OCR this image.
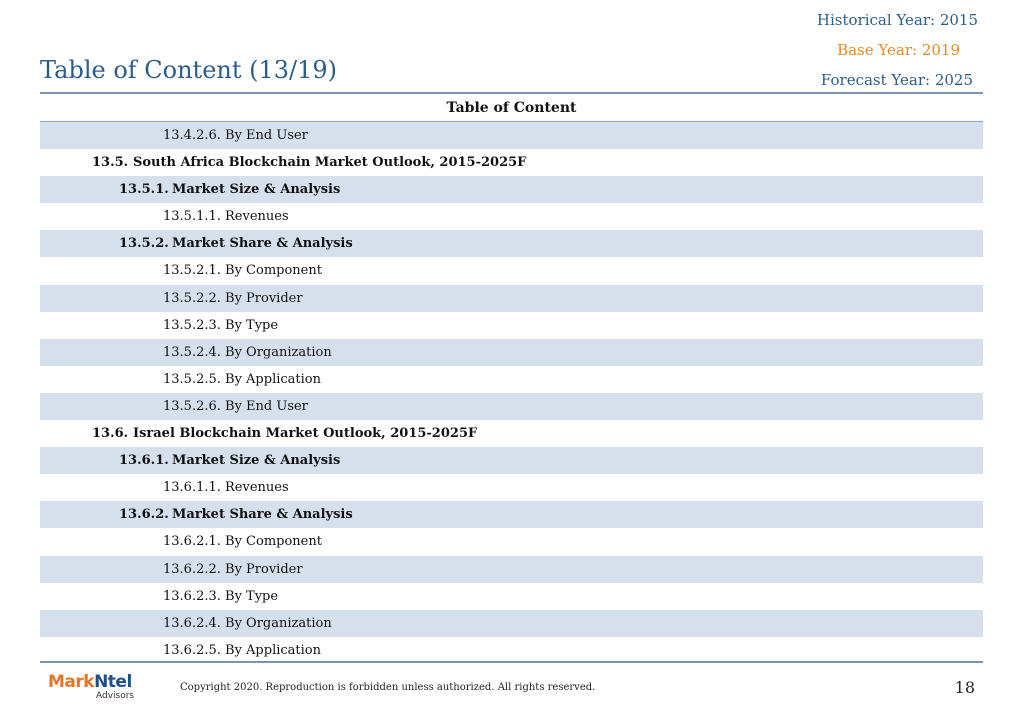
Historical Year: 2015
Base Year: 2019
Forecast Year: 2025
Table of Content (13/19)
Table of Content
13.4.2.6. By End User
13.5. South Africa Blockchain Market Outlook, 2015-2025F
13.5.1. Market Size & Analysis
13.5.1.1. Revenues
13.5.2. Market Share & Analysis
13.5.2.1. By Component
13.5.2.2. By Provider
13.5.2.3. By Type
13.5.2.4. By Organization
13.5.2.5. By Application
13.5.2.6. By End User
13.6. Israel Blockchain Market Outlook, 2015-2025F
13.6.1. Market Size & Analysis
13.6.1.1. Revenues
13.6.2. Market Share & Analysis
13.6.2.1. By Component
13.6.2.2. By Provider
13.6.2.3. By Type
13.6.2.4. By Organization
13.6.2.5. By Application
MarkNtel
Advisors
Copyright 2020. Reproduction is forbidden unless authorized. All rights reserved.	18
